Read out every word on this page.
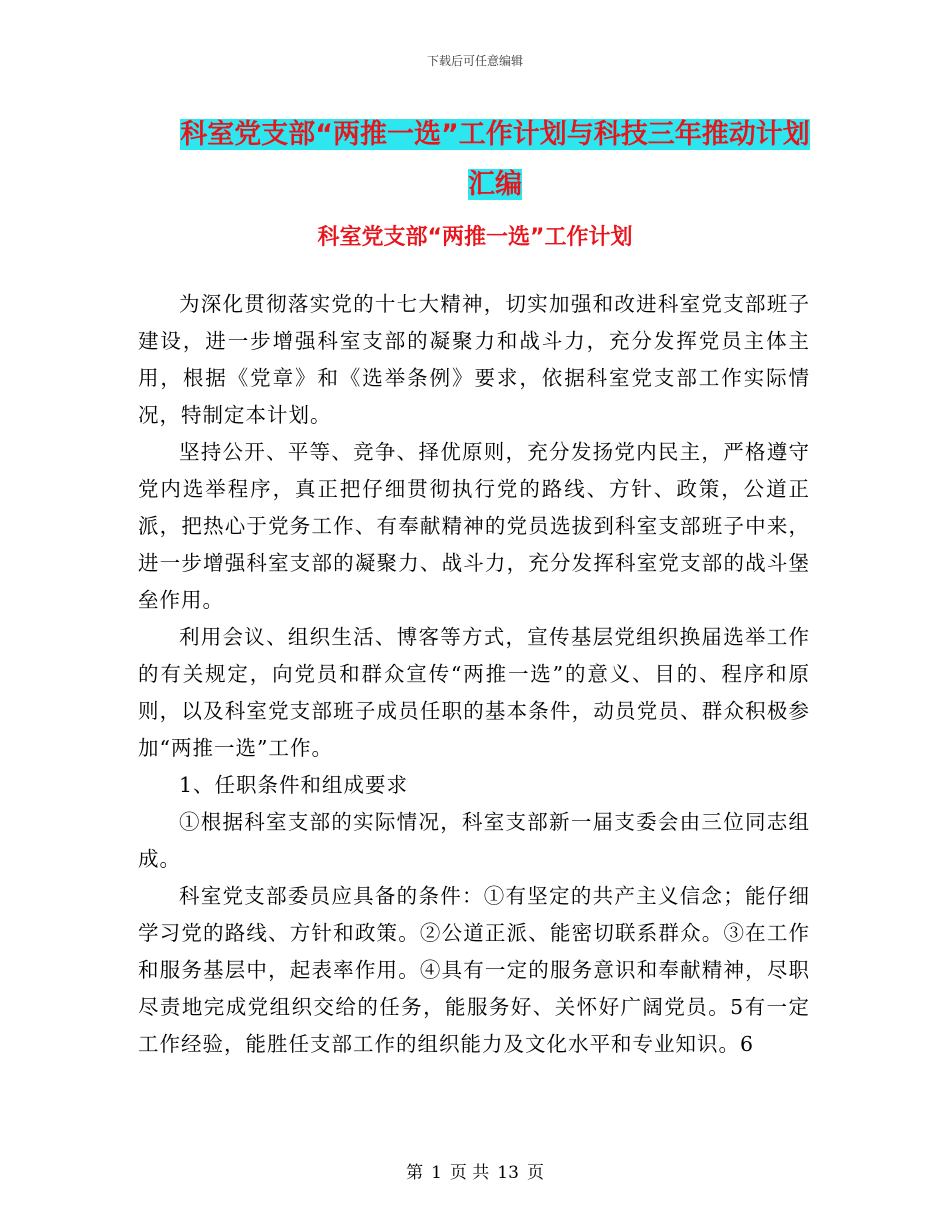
下载后可任意编辑
科室党支部“两推一选”工作计划与科技三年推动计划汇编
科室党支部“两推一选”工作计划

为深化贯彻落实党的十七大精神，切实加强和改进科室党支部班子建设，进一步增强科室支部的凝聚力和战斗力，充分发挥党员主体主用，根据《党章》和《选举条例》要求，依据科室党支部工作实际情况，特制定本计划。

坚持公开、平等、竞争、择优原则，充分发扬党内民主，严格遵守党内选举程序，真正把仔细贯彻执行党的路线、方针、政策，公道正派，把热心于党务工作、有奉献精神的党员选拔到科室支部班子中来，进一步增强科室支部的凝聚力、战斗力，充分发挥科室党支部的战斗堡垒作用。

利用会议、组织生活、博客等方式，宣传基层党组织换届选举工作的有关规定，向党员和群众宣传“两推一选”的意义、目的、程序和原则，以及科室党支部班子成员任职的基本条件，动员党员、群众积极参加“两推一选”工作。

1、任职条件和组成要求

①根据科室支部的实际情况，科室支部新一届支委会由三位同志组成。

科室党支部委员应具备的条件：①有坚定的共产主义信念；能仔细学习党的路线、方针和政策。②公道正派、能密切联系群众。③在工作和服务基层中，起表率作用。④具有一定的服务意识和奉献精神，尽职尽责地完成党组织交给的任务，能服务好、关怀好广阔党员。5有一定工作经验，能胜任支部工作的组织能力及文化水平和专业知识。6

第 1 页 共 13 页
